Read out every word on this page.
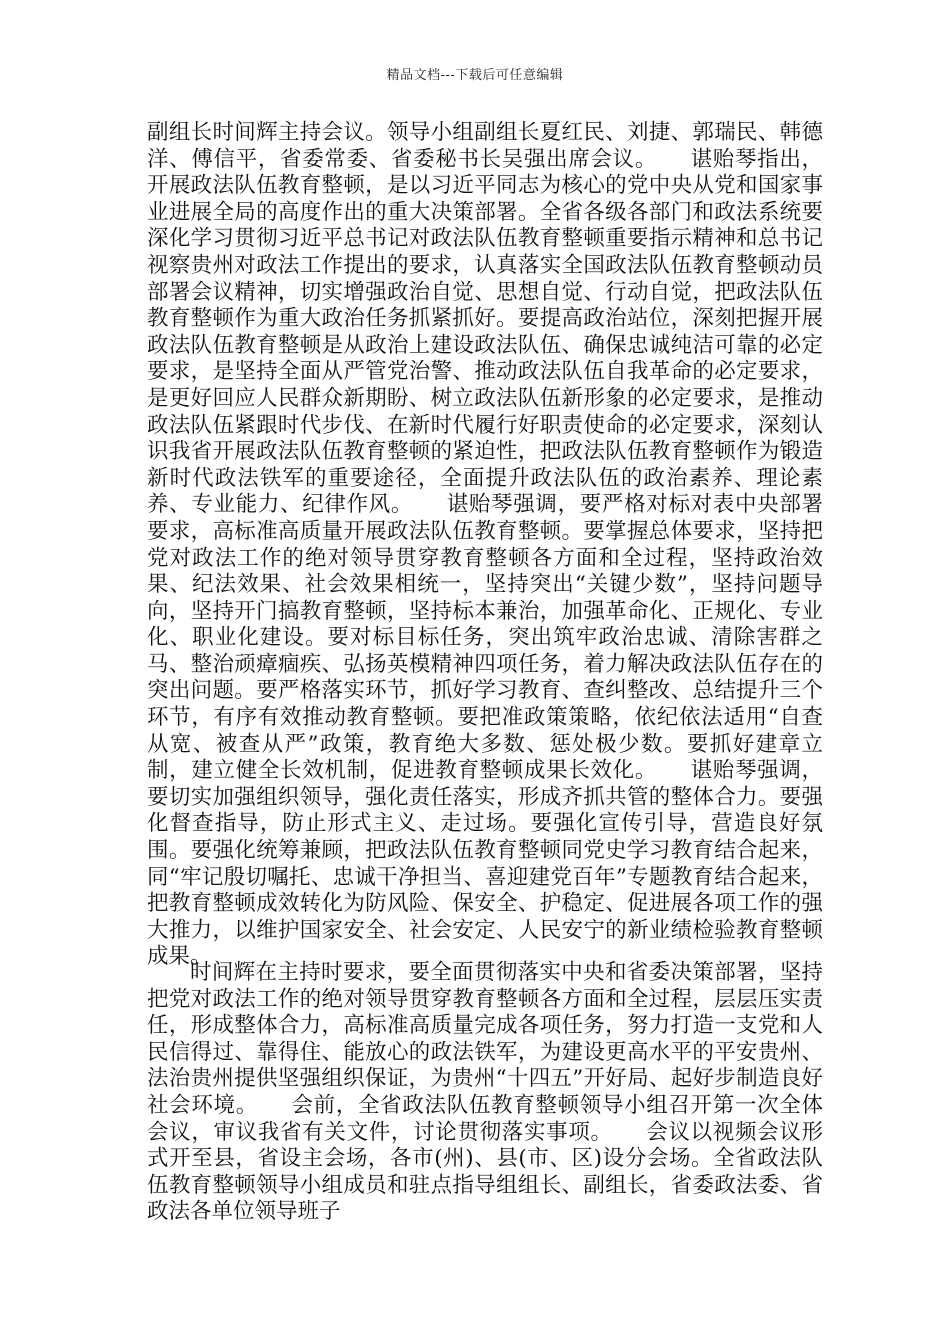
精品文档---下载后可任意编辑

副组长时间辉主持会议。领导小组副组长夏红民、刘捷、郭瑞民、韩德洋、傅信平，省委常委、省委秘书长吴强出席会议。　　谌贻琴指出，开展政法队伍教育整顿，是以习近平同志为核心的党中央从党和国家事业进展全局的高度作出的重大决策部署。全省各级各部门和政法系统要深化学习贯彻习近平总书记对政法队伍教育整顿重要指示精神和总书记视察贵州对政法工作提出的要求，认真落实全国政法队伍教育整顿动员部署会议精神，切实增强政治自觉、思想自觉、行动自觉，把政法队伍教育整顿作为重大政治任务抓紧抓好。要提高政治站位，深刻把握开展政法队伍教育整顿是从政治上建设政法队伍、确保忠诚纯洁可靠的必定要求，是坚持全面从严管党治警、推动政法队伍自我革命的必定要求，是更好回应人民群众新期盼、树立政法队伍新形象的必定要求，是推动政法队伍紧跟时代步伐、在新时代履行好职责使命的必定要求，深刻认识我省开展政法队伍教育整顿的紧迫性，把政法队伍教育整顿作为锻造新时代政法铁军的重要途径，全面提升政法队伍的政治素养、理论素养、专业能力、纪律作风。　　谌贻琴强调，要严格对标对表中央部署要求，高标准高质量开展政法队伍教育整顿。要掌握总体要求，坚持把党对政法工作的绝对领导贯穿教育整顿各方面和全过程，坚持政治效果、纪法效果、社会效果相统一，坚持突出“关键少数”，坚持问题导向，坚持开门搞教育整顿，坚持标本兼治，加强革命化、正规化、专业化、职业化建设。要对标目标任务，突出筑牢政治忠诚、清除害群之马、整治顽瘴痼疾、弘扬英模精神四项任务，着力解决政法队伍存在的突出问题。要严格落实环节，抓好学习教育、查纠整改、总结提升三个环节，有序有效推动教育整顿。要把准政策策略，依纪依法适用“自查从宽、被查从严”政策，教育绝大多数、惩处极少数。要抓好建章立制，建立健全长效机制，促进教育整顿成果长效化。　　谌贻琴强调，要切实加强组织领导，强化责任落实，形成齐抓共管的整体合力。要强化督查指导，防止形式主义、走过场。要强化宣传引导，营造良好氛围。要强化统筹兼顾，把政法队伍教育整顿同党史学习教育结合起来，同“牢记殷切嘱托、忠诚干净担当、喜迎建党百年”专题教育结合起来，把教育整顿成效转化为防风险、保安全、护稳定、促进展各项工作的强大推力，以维护国家安全、社会安定、人民安宁的新业绩检验教育整顿成果。

时间辉在主持时要求，要全面贯彻落实中央和省委决策部署，坚持把党对政法工作的绝对领导贯穿教育整顿各方面和全过程，层层压实责任，形成整体合力，高标准高质量完成各项任务，努力打造一支党和人民信得过、靠得住、能放心的政法铁军，为建设更高水平的平安贵州、法治贵州提供坚强组织保证，为贵州“十四五”开好局、起好步制造良好社会环境。　　会前，全省政法队伍教育整顿领导小组召开第一次全体会议，审议我省有关文件，讨论贯彻落实事项。　　会议以视频会议形式开至县，省设主会场，各市(州)、县(市、区)设分会场。全省政法队伍教育整顿领导小组成员和驻点指导组组长、副组长，省委政法委、省政法各单位领导班子
